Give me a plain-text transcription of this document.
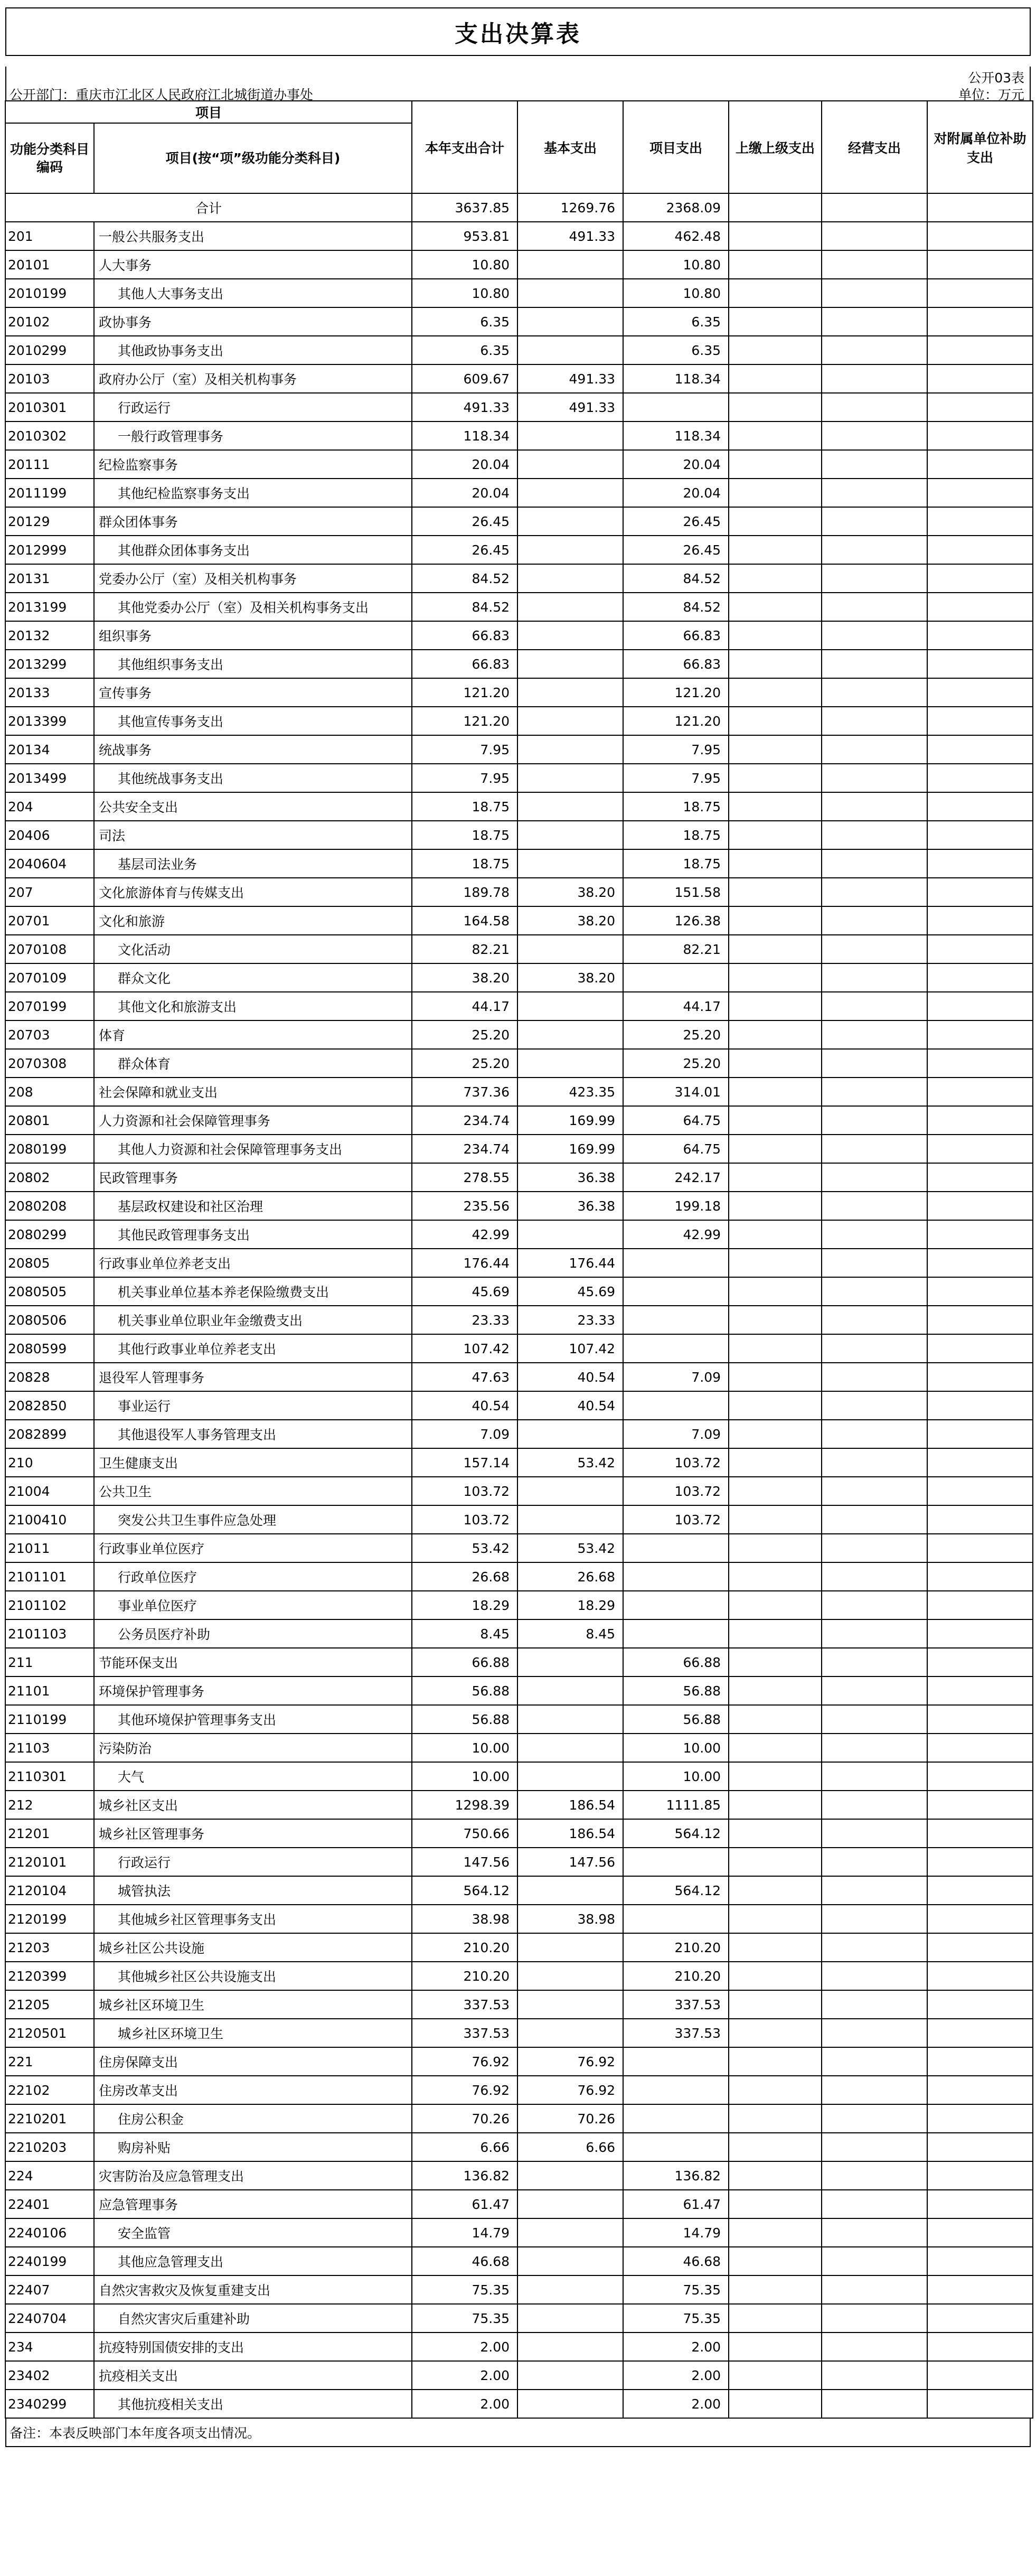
支出决算表
公开03表
公开部门：重庆市江北区人民政府江北城街道办事处	单位：万元
项目		本年支出合计	基本支出	项目支出	上缴上级支出	经营支出	对附属单位补助支出
功能分类科目编码	项目(按“项”级功能分类科目)						
合计		3637.85	1269.76	2368.09			
201	一般公共服务支出	953.81	491.33	462.48			
20101	人大事务	10.80		10.80			
2010199	其他人大事务支出	10.80		10.80			
20102	政协事务	6.35		6.35			
2010299	其他政协事务支出	6.35		6.35			
20103	政府办公厅（室）及相关机构事务	609.67	491.33	118.34			
2010301	行政运行	491.33	491.33				
2010302	一般行政管理事务	118.34		118.34			
20111	纪检监察事务	20.04		20.04			
2011199	其他纪检监察事务支出	20.04		20.04			
20129	群众团体事务	26.45		26.45			
2012999	其他群众团体事务支出	26.45		26.45			
20131	党委办公厅（室）及相关机构事务	84.52		84.52			
2013199	其他党委办公厅（室）及相关机构事务支出	84.52		84.52			
20132	组织事务	66.83		66.83			
2013299	其他组织事务支出	66.83		66.83			
20133	宣传事务	121.20		121.20			
2013399	其他宣传事务支出	121.20		121.20			
20134	统战事务	7.95		7.95			
2013499	其他统战事务支出	7.95		7.95			
204	公共安全支出	18.75		18.75			
20406	司法	18.75		18.75			
2040604	基层司法业务	18.75		18.75			
207	文化旅游体育与传媒支出	189.78	38.20	151.58			
20701	文化和旅游	164.58	38.20	126.38			
2070108	文化活动	82.21		82.21			
2070109	群众文化	38.20	38.20				
2070199	其他文化和旅游支出	44.17		44.17			
20703	体育	25.20		25.20			
2070308	群众体育	25.20		25.20			
208	社会保障和就业支出	737.36	423.35	314.01			
20801	人力资源和社会保障管理事务	234.74	169.99	64.75			
2080199	其他人力资源和社会保障管理事务支出	234.74	169.99	64.75			
20802	民政管理事务	278.55	36.38	242.17			
2080208	基层政权建设和社区治理	235.56	36.38	199.18			
2080299	其他民政管理事务支出	42.99		42.99			
20805	行政事业单位养老支出	176.44	176.44				
2080505	机关事业单位基本养老保险缴费支出	45.69	45.69				
2080506	机关事业单位职业年金缴费支出	23.33	23.33				
2080599	其他行政事业单位养老支出	107.42	107.42				
20828	退役军人管理事务	47.63	40.54	7.09			
2082850	事业运行	40.54	40.54				
2082899	其他退役军人事务管理支出	7.09		7.09			
210	卫生健康支出	157.14	53.42	103.72			
21004	公共卫生	103.72		103.72			
2100410	突发公共卫生事件应急处理	103.72		103.72			
21011	行政事业单位医疗	53.42	53.42				
2101101	行政单位医疗	26.68	26.68				
2101102	事业单位医疗	18.29	18.29				
2101103	公务员医疗补助	8.45	8.45				
211	节能环保支出	66.88		66.88			
21101	环境保护管理事务	56.88		56.88			
2110199	其他环境保护管理事务支出	56.88		56.88			
21103	污染防治	10.00		10.00			
2110301	大气	10.00		10.00			
212	城乡社区支出	1298.39	186.54	1111.85			
21201	城乡社区管理事务	750.66	186.54	564.12			
2120101	行政运行	147.56	147.56				
2120104	城管执法	564.12		564.12			
2120199	其他城乡社区管理事务支出	38.98	38.98				
21203	城乡社区公共设施	210.20		210.20			
2120399	其他城乡社区公共设施支出	210.20		210.20			
21205	城乡社区环境卫生	337.53		337.53			
2120501	城乡社区环境卫生	337.53		337.53			
221	住房保障支出	76.92	76.92				
22102	住房改革支出	76.92	76.92				
2210201	住房公积金	70.26	70.26				
2210203	购房补贴	6.66	6.66				
224	灾害防治及应急管理支出	136.82		136.82			
22401	应急管理事务	61.47		61.47			
2240106	安全监管	14.79		14.79			
2240199	其他应急管理支出	46.68		46.68			
22407	自然灾害救灾及恢复重建支出	75.35		75.35			
2240704	自然灾害灾后重建补助	75.35		75.35			
234	抗疫特别国债安排的支出	2.00		2.00			
23402	抗疫相关支出	2.00		2.00			
2340299	其他抗疫相关支出	2.00		2.00			
备注：本表反映部门本年度各项支出情况。
